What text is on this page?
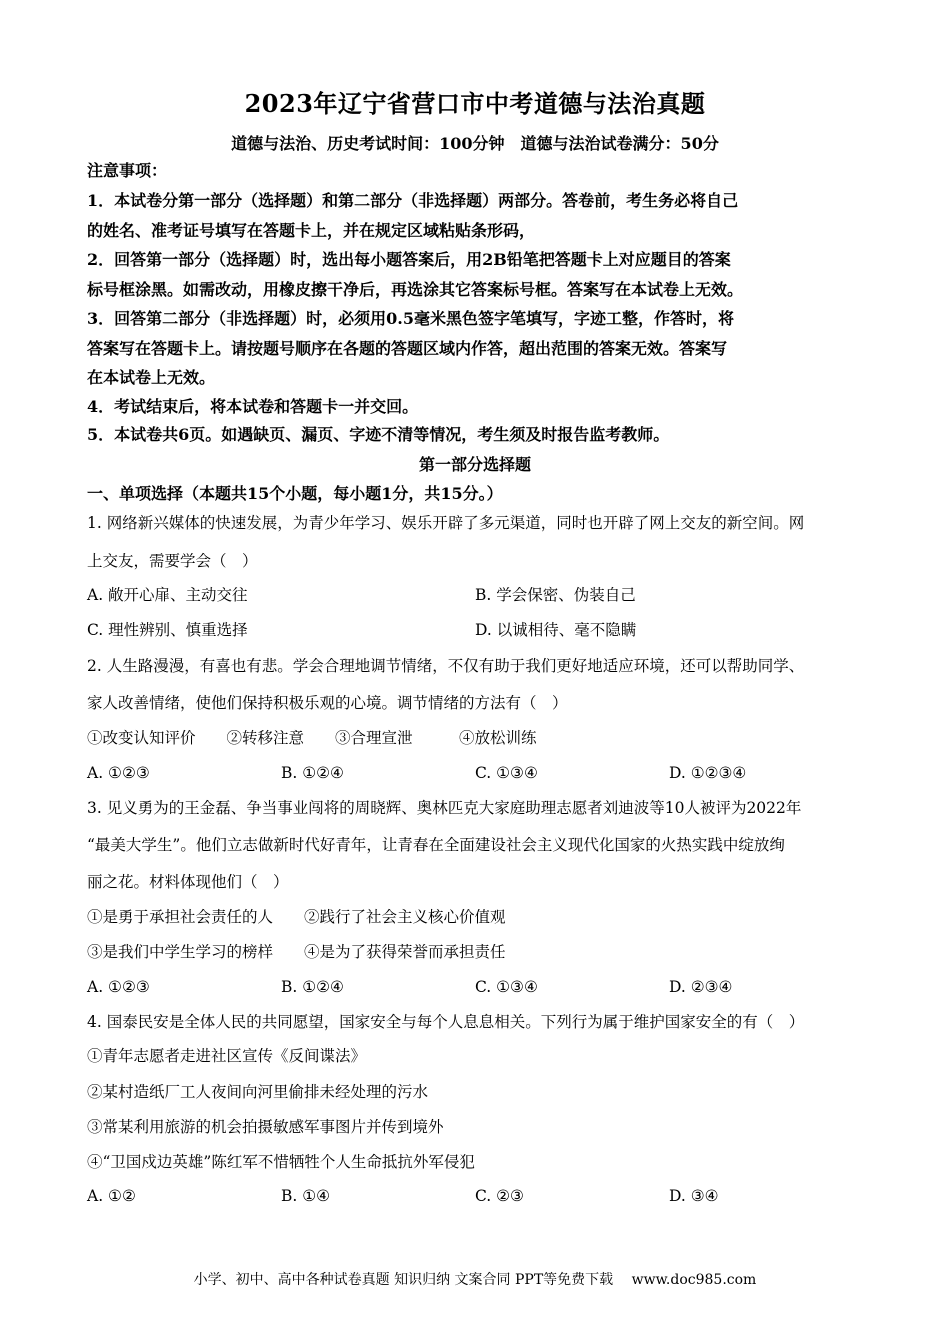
2023年辽宁省营口市中考道德与法治真题
道德与法治、历史考试时间：100分钟　道德与法治试卷满分：50分
注意事项：
1．本试卷分第一部分（选择题）和第二部分（非选择题）两部分。答卷前，考生务必将自己
的姓名、准考证号填写在答题卡上，并在规定区域粘贴条形码，
2．回答第一部分（选择题）时，选出每小题答案后，用2B铅笔把答题卡上对应题目的答案
标号框涂黑。如需改动，用橡皮擦干净后，再选涂其它答案标号框。答案写在本试卷上无效。
3．回答第二部分（非选择题）时，必须用0.5毫米黑色签字笔填写，字迹工整，作答时，将
答案写在答题卡上。请按题号顺序在各题的答题区域内作答，超出范围的答案无效。答案写
在本试卷上无效。
4．考试结束后，将本试卷和答题卡一并交回。
5．本试卷共6页。如遇缺页、漏页、字迹不清等情况，考生须及时报告监考教师。
第一部分选择题
一、单项选择（本题共15个小题，每小题1分，共15分。）
1. 网络新兴媒体的快速发展，为青少年学习、娱乐开辟了多元渠道，同时也开辟了网上交友的新空间。网
上交友，需要学会（　）
A. 敞开心扉、主动交往	B. 学会保密、伪装自己
C. 理性辨别、慎重选择	D. 以诚相待、毫不隐瞒
2. 人生路漫漫，有喜也有悲。学会合理地调节情绪，不仅有助于我们更好地适应环境，还可以帮助同学、
家人改善情绪，使他们保持积极乐观的心境。调节情绪的方法有（　）
①改变认知评价　　②转移注意　　③合理宣泄　　　④放松训练
A. ①②③	B. ①②④	C. ①③④	D. ①②③④
3. 见义勇为的王金磊、争当事业闯将的周晓辉、奥林匹克大家庭助理志愿者刘迪波等10人被评为2022年
“最美大学生”。他们立志做新时代好青年，让青春在全面建设社会主义现代化国家的火热实践中绽放绚
丽之花。材料体现他们（　）
①是勇于承担社会责任的人　　②践行了社会主义核心价值观
③是我们中学生学习的榜样　　④是为了获得荣誉而承担责任
A. ①②③	B. ①②④	C. ①③④	D. ②③④
4. 国泰民安是全体人民的共同愿望，国家安全与每个人息息相关。下列行为属于维护国家安全的有（　）
①青年志愿者走进社区宣传《反间谍法》
②某村造纸厂工人夜间向河里偷排未经处理的污水
③常某利用旅游的机会拍摄敏感军事图片并传到境外
④“卫国戍边英雄”陈红军不惜牺牲个人生命抵抗外军侵犯
A. ①②	B. ①④	C. ②③	D. ③④
小学、初中、高中各种试卷真题 知识归纳 文案合同 PPT等免费下载　 www.doc985.com
